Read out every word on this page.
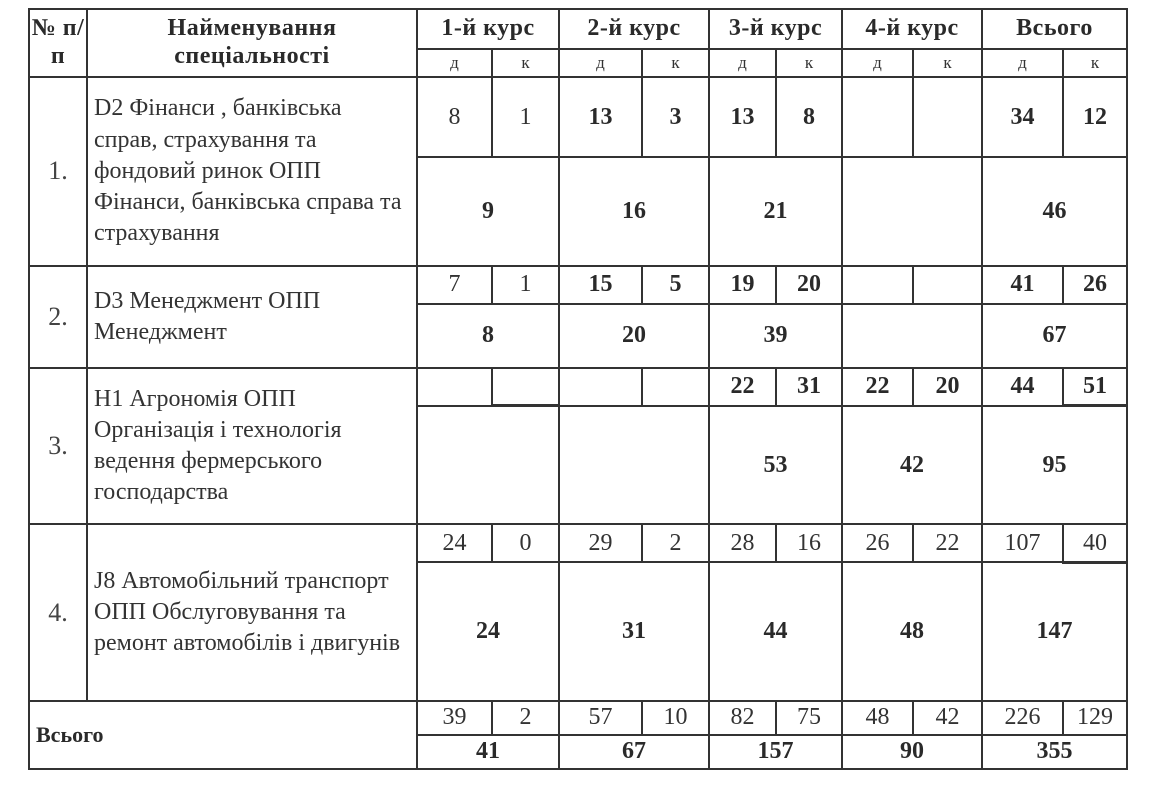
№ п/п	Найменування спеціальності	1-й курс		2-й курс		3-й курс		4-й курс		Всього	
		д	к	д	к	д	к	д	к	д	к
1.	D2 Фінанси , банківська справ, страхування та фондовий ринок ОПП Фінанси, банківська справа та страхування	8	1	13	3	13	8			34	12
		9		16		21				46	
2.	D3 Менеджмент ОПП Менеджмент	7	1	15	5	19	20			41	26
		8		20		39				67	
3.	Н1 Агрономія ОПП Організація і технологія ведення фермерського господарства					22	31	22	20	44	51
						53		42		95	
4.	J8 Автомобільний транспорт ОПП Обслуговування та ремонт автомобілів і двигунів	24	0	29	2	28	16	26	22	107	40
		24		31		44		48		147	
Всього		39	2	57	10	82	75	48	42	226	129
		41		67		157		90		355	
